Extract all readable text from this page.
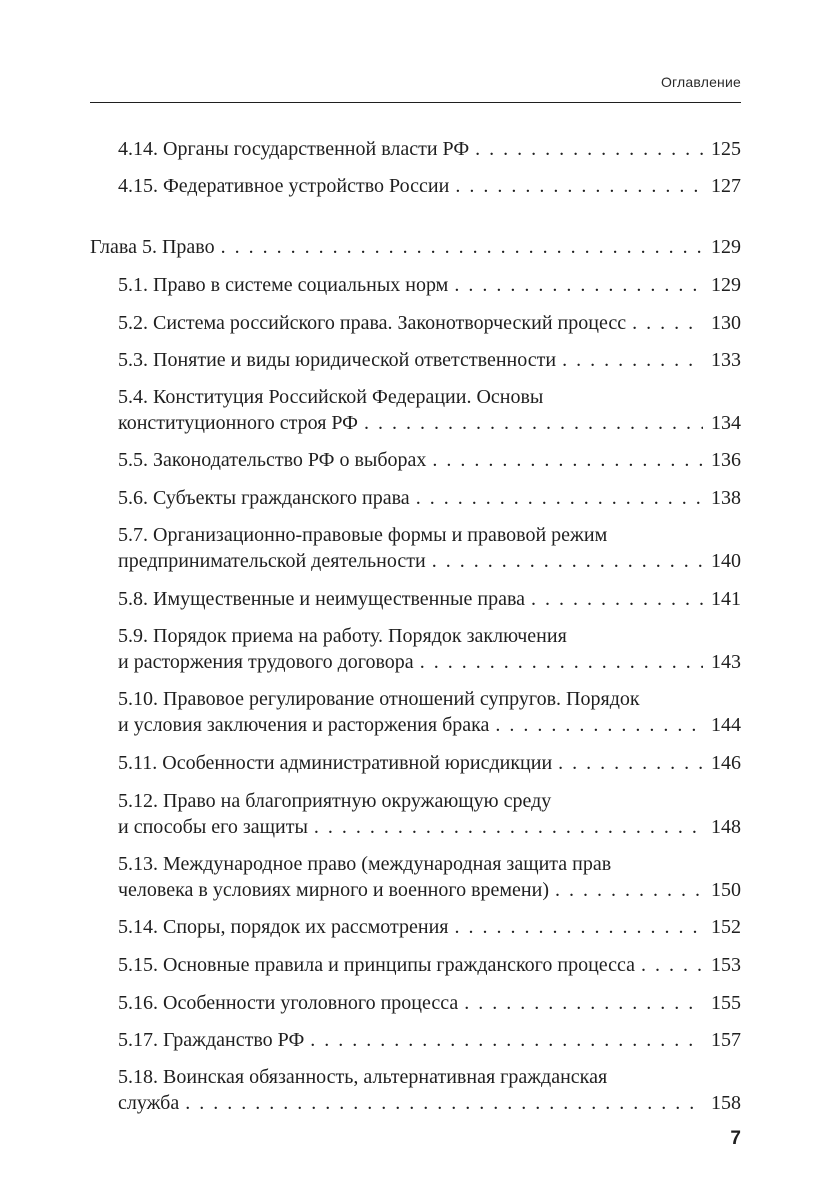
Оглавление
4.14. Органы государственной власти РФ . . .	125
4.15. Федеративное устройство России . . .	127
Глава 5. Право . . .	129
5.1. Право в системе социальных норм . . .	129
5.2. Система российского права. Законотворческий процесс . . .	130
5.3. Понятие и виды юридической ответственности . . .	133
5.4. Конституция Российской Федерации. Основы
конституционного строя РФ . . .	134
5.5. Законодательство РФ о выборах . . .	136
5.6. Субъекты гражданского права . . .	138
5.7. Организационно-правовые формы и правовой режим
предпринимательской деятельности . . .	140
5.8. Имущественные и неимущественные права . . .	141
5.9. Порядок приема на работу. Порядок заключения
и расторжения трудового договора . . .	143
5.10. Правовое регулирование отношений супругов. Порядок
и условия заключения и расторжения брака . . .	144
5.11. Особенности административной юрисдикции . . .	146
5.12. Право на благоприятную окружающую среду
и способы его защиты . . .	148
5.13. Международное право (международная защита прав
человека в условиях мирного и военного времени) . . .	150
5.14. Споры, порядок их рассмотрения . . .	152
5.15. Основные правила и принципы гражданского процесса . . .	153
5.16. Особенности уголовного процесса . . .	155
5.17. Гражданство РФ . . .	157
5.18. Воинская обязанность, альтернативная гражданская
служба . . .	158
7
